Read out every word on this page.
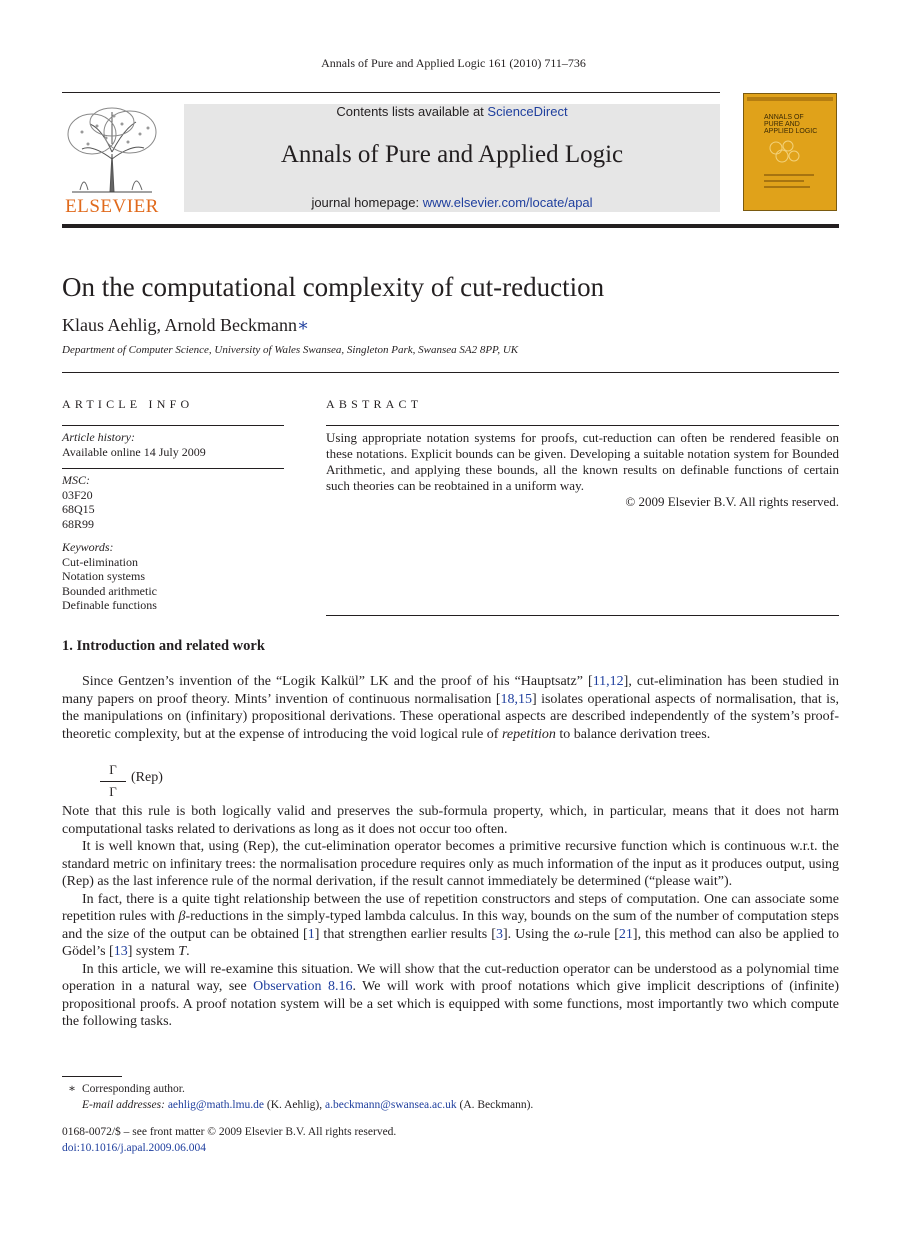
Annals of Pure and Applied Logic 161 (2010) 711–736
ELSEVIER
Contents lists available at ScienceDirect
Annals of Pure and Applied Logic
journal homepage: www.elsevier.com/locate/apal
ANNALS OF
PURE AND
APPLIED LOGIC
On the computational complexity of cut-reduction
Klaus Aehlig, Arnold Beckmann∗
Department of Computer Science, University of Wales Swansea, Singleton Park, Swansea SA2 8PP, UK
ARTICLE INFO
Article history:
Available online 14 July 2009
MSC:
03F20
68Q15
68R99
Keywords:
Cut-elimination
Notation systems
Bounded arithmetic
Definable functions
ABSTRACT
Using appropriate notation systems for proofs, cut-reduction can often be rendered feasible on these notations. Explicit bounds can be given. Developing a suitable notation system for Bounded Arithmetic, and applying these bounds, all the known results on definable functions of certain such theories can be reobtained in a uniform way.
© 2009 Elsevier B.V. All rights reserved.
1. Introduction and related work

Since Gentzen’s invention of the “Logik Kalkül” LK and the proof of his “Hauptsatz” [11,12], cut-elimination has been studied in many papers on proof theory. Mints’ invention of continuous normalisation [18,15] isolates operational aspects of normalisation, that is, the manipulations on (infinitary) propositional derivations. These operational aspects are described independently of the system’s proof-theoretic complexity, but at the expense of introducing the void logical rule of repetition to balance derivation trees.

Γ
Γ
(Rep)

Note that this rule is both logically valid and preserves the sub-formula property, which, in particular, means that it does not harm computational tasks related to derivations as long as it does not occur too often.

It is well known that, using (Rep), the cut-elimination operator becomes a primitive recursive function which is continuous w.r.t. the standard metric on infinitary trees: the normalisation procedure requires only as much information of the input as it produces output, using (Rep) as the last inference rule of the normal derivation, if the result cannot immediately be determined (“please wait”).

In fact, there is a quite tight relationship between the use of repetition constructors and steps of computation. One can associate some repetition rules with β-reductions in the simply-typed lambda calculus. In this way, bounds on the sum of the number of computation steps and the size of the output can be obtained [1] that strengthen earlier results [3]. Using the ω-rule [21], this method can also be applied to Gödel’s [13] system T.

In this article, we will re-examine this situation. We will show that the cut-reduction operator can be understood as a polynomial time operation in a natural way, see Observation 8.16. We will work with proof notations which give implicit descriptions of (infinite) propositional proofs. A proof notation system will be a set which is equipped with some functions, most importantly two which compute the following tasks.

∗ Corresponding author.
E-mail addresses: aehlig@math.lmu.de (K. Aehlig), a.beckmann@swansea.ac.uk (A. Beckmann).
0168-0072/$ – see front matter © 2009 Elsevier B.V. All rights reserved.
doi:10.1016/j.apal.2009.06.004
